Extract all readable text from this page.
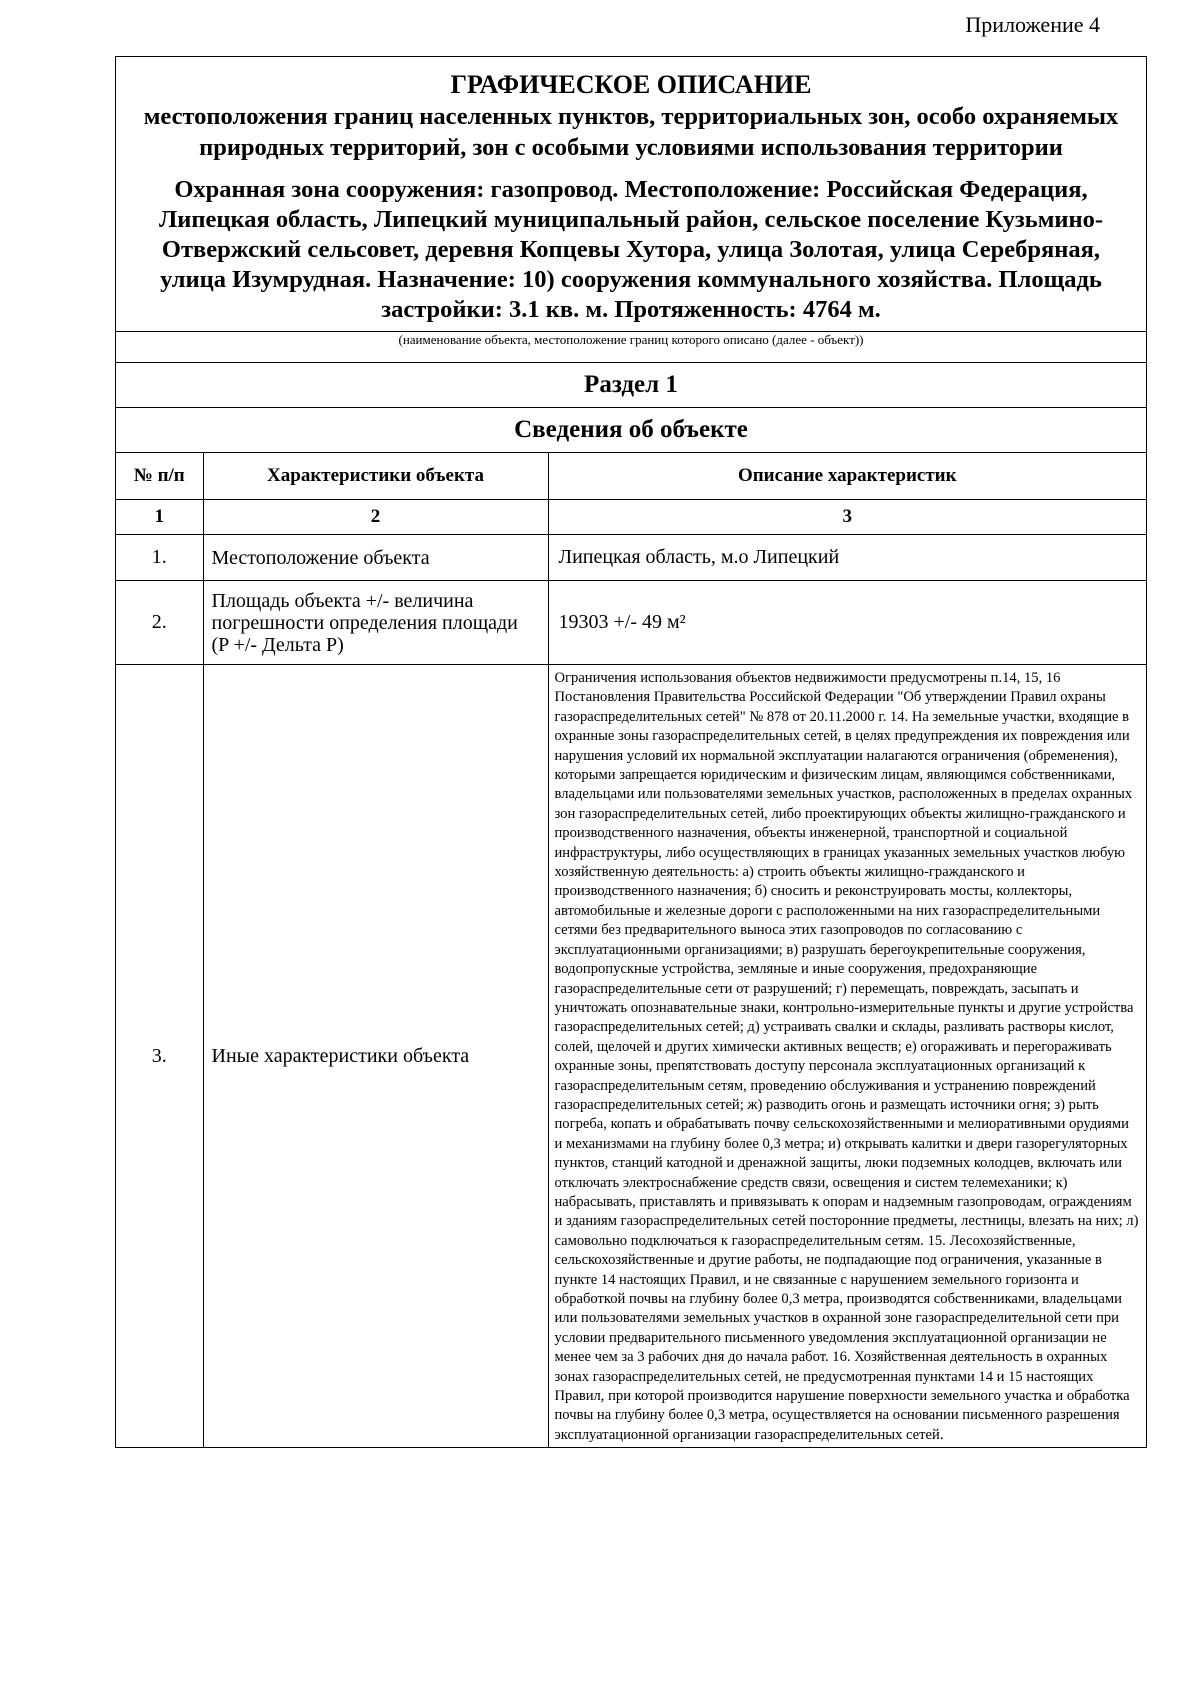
Приложение 4
ГРАФИЧЕСКОЕ ОПИСАНИЕ
местоположения границ населенных пунктов, территориальных зон, особо охраняемых природных территорий, зон с особыми условиями использования территории
Охранная зона сооружения: газопровод. Местоположение: Российская Федерация, Липецкая область, Липецкий муниципальный район, сельское поселение Кузьмино-Отвержский сельсовет, деревня Копцевы Хутора, улица Золотая, улица Серебряная, улица Изумрудная. Назначение: 10) сооружения коммунального хозяйства. Площадь застройки: 3.1 кв. м. Протяженность: 4764 м.
(наименование объекта, местоположение границ которого описано (далее - объект))
Раздел 1
Сведения об объекте
№ п/п	Характеристики объекта	Описание характеристик
1	2	3
1.	Местоположение объекта	Липецкая область, м.о Липецкий
2.	Площадь объекта +/- величина погрешности определения площади (P +/- Дельта P)	19303 +/- 49 м²
3.	Иные характеристики объекта	Ограничения использования объектов недвижимости предусмотрены п.14, 15, 16 Постановления Правительства Российской Федерации "Об утверждении Правил охраны газораспределительных сетей" № 878 от 20.11.2000 г. 14. На земельные участки, входящие в охранные зоны газораспределительных сетей, в целях предупреждения их повреждения или нарушения условий их нормальной эксплуатации налагаются ограничения (обременения), которыми запрещается юридическим и физическим лицам, являющимся собственниками, владельцами или пользователями земельных участков, расположенных в пределах охранных зон газораспределительных сетей, либо проектирующих объекты жилищно-гражданского и производственного назначения, объекты инженерной, транспортной и социальной инфраструктуры, либо осуществляющих в границах указанных земельных участков любую хозяйственную деятельность: а) строить объекты жилищно-гражданского и производственного назначения; б) сносить и реконструировать мосты, коллекторы, автомобильные и железные дороги с расположенными на них газораспределительными сетями без предварительного выноса этих газопроводов по согласованию с эксплуатационными организациями; в) разрушать берегоукрепительные сооружения, водопропускные устройства, земляные и иные сооружения, предохраняющие газораспределительные сети от разрушений; г) перемещать, повреждать, засыпать и уничтожать опознавательные знаки, контрольно-измерительные пункты и другие устройства газораспределительных сетей; д) устраивать свалки и склады, разливать растворы кислот, солей, щелочей и других химически активных веществ; е) огораживать и перегораживать охранные зоны, препятствовать доступу персонала эксплуатационных организаций к газораспределительным сетям, проведению обслуживания и устранению повреждений газораспределительных сетей; ж) разводить огонь и размещать источники огня; з) рыть погреба, копать и обрабатывать почву сельскохозяйственными и мелиоративными орудиями и механизмами на глубину более 0,3 метра; и) открывать калитки и двери газорегуляторных пунктов, станций катодной и дренажной защиты, люки подземных колодцев, включать или отключать электроснабжение средств связи, освещения и систем телемеханики; к) набрасывать, приставлять и привязывать к опорам и надземным газопроводам, ограждениям и зданиям газораспределительных сетей посторонние предметы, лестницы, влезать на них; л) самовольно подключаться к газораспределительным сетям. 15. Лесохозяйственные, сельскохозяйственные и другие работы, не подпадающие под ограничения, указанные в пункте 14 настоящих Правил, и не связанные с нарушением земельного горизонта и обработкой почвы на глубину более 0,3 метра, производятся собственниками, владельцами или пользователями земельных участков в охранной зоне газораспределительной сети при условии предварительного письменного уведомления эксплуатационной организации не менее чем за 3 рабочих дня до начала работ. 16. Хозяйственная деятельность в охранных зонах газораспределительных сетей, не предусмотренная пунктами 14 и 15 настоящих Правил, при которой производится нарушение поверхности земельного участка и обработка почвы на глубину более 0,3 метра, осуществляется на основании письменного разрешения эксплуатационной организации газораспределительных сетей.
